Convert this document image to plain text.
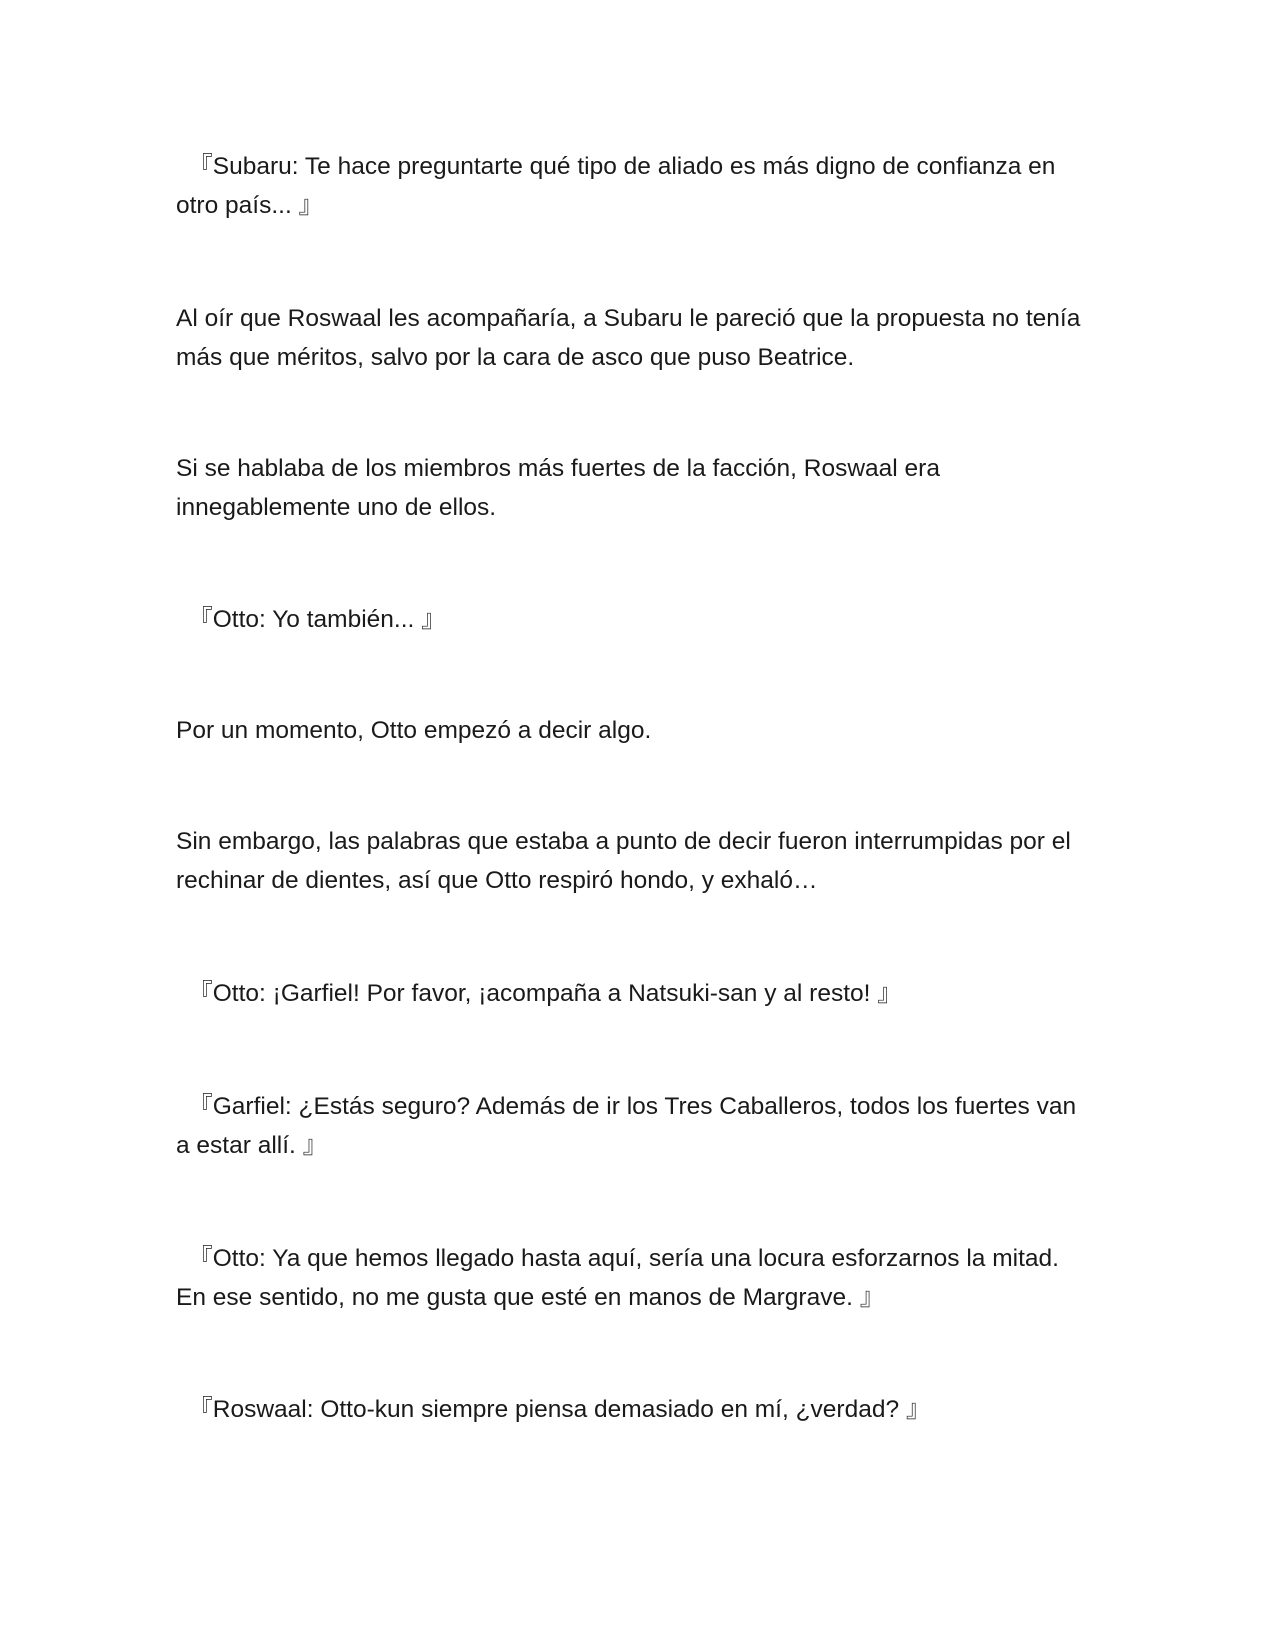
　『Subaru: Te hace preguntarte qué tipo de aliado es más digno de confianza en otro país... 』

Al oír que Roswaal les acompañaría, a Subaru le pareció que la propuesta no tenía más que méritos, salvo por la cara de asco que puso Beatrice.

Si se hablaba de los miembros más fuertes de la facción, Roswaal era innegablemente uno de ellos.

　『Otto: Yo también... 』

Por un momento, Otto empezó a decir algo.

Sin embargo, las palabras que estaba a punto de decir fueron interrumpidas por el rechinar de dientes, así que Otto respiró hondo, y exhaló…

　『Otto: ¡Garfiel! Por favor, ¡acompaña a Natsuki-san y al resto! 』

　『Garfiel: ¿Estás seguro? Además de ir los Tres Caballeros, todos los fuertes van a estar allí. 』

　『Otto: Ya que hemos llegado hasta aquí, sería una locura esforzarnos la mitad. En ese sentido, no me gusta que esté en manos de Margrave. 』

　『Roswaal: Otto-kun siempre piensa demasiado en mí, ¿verdad? 』
